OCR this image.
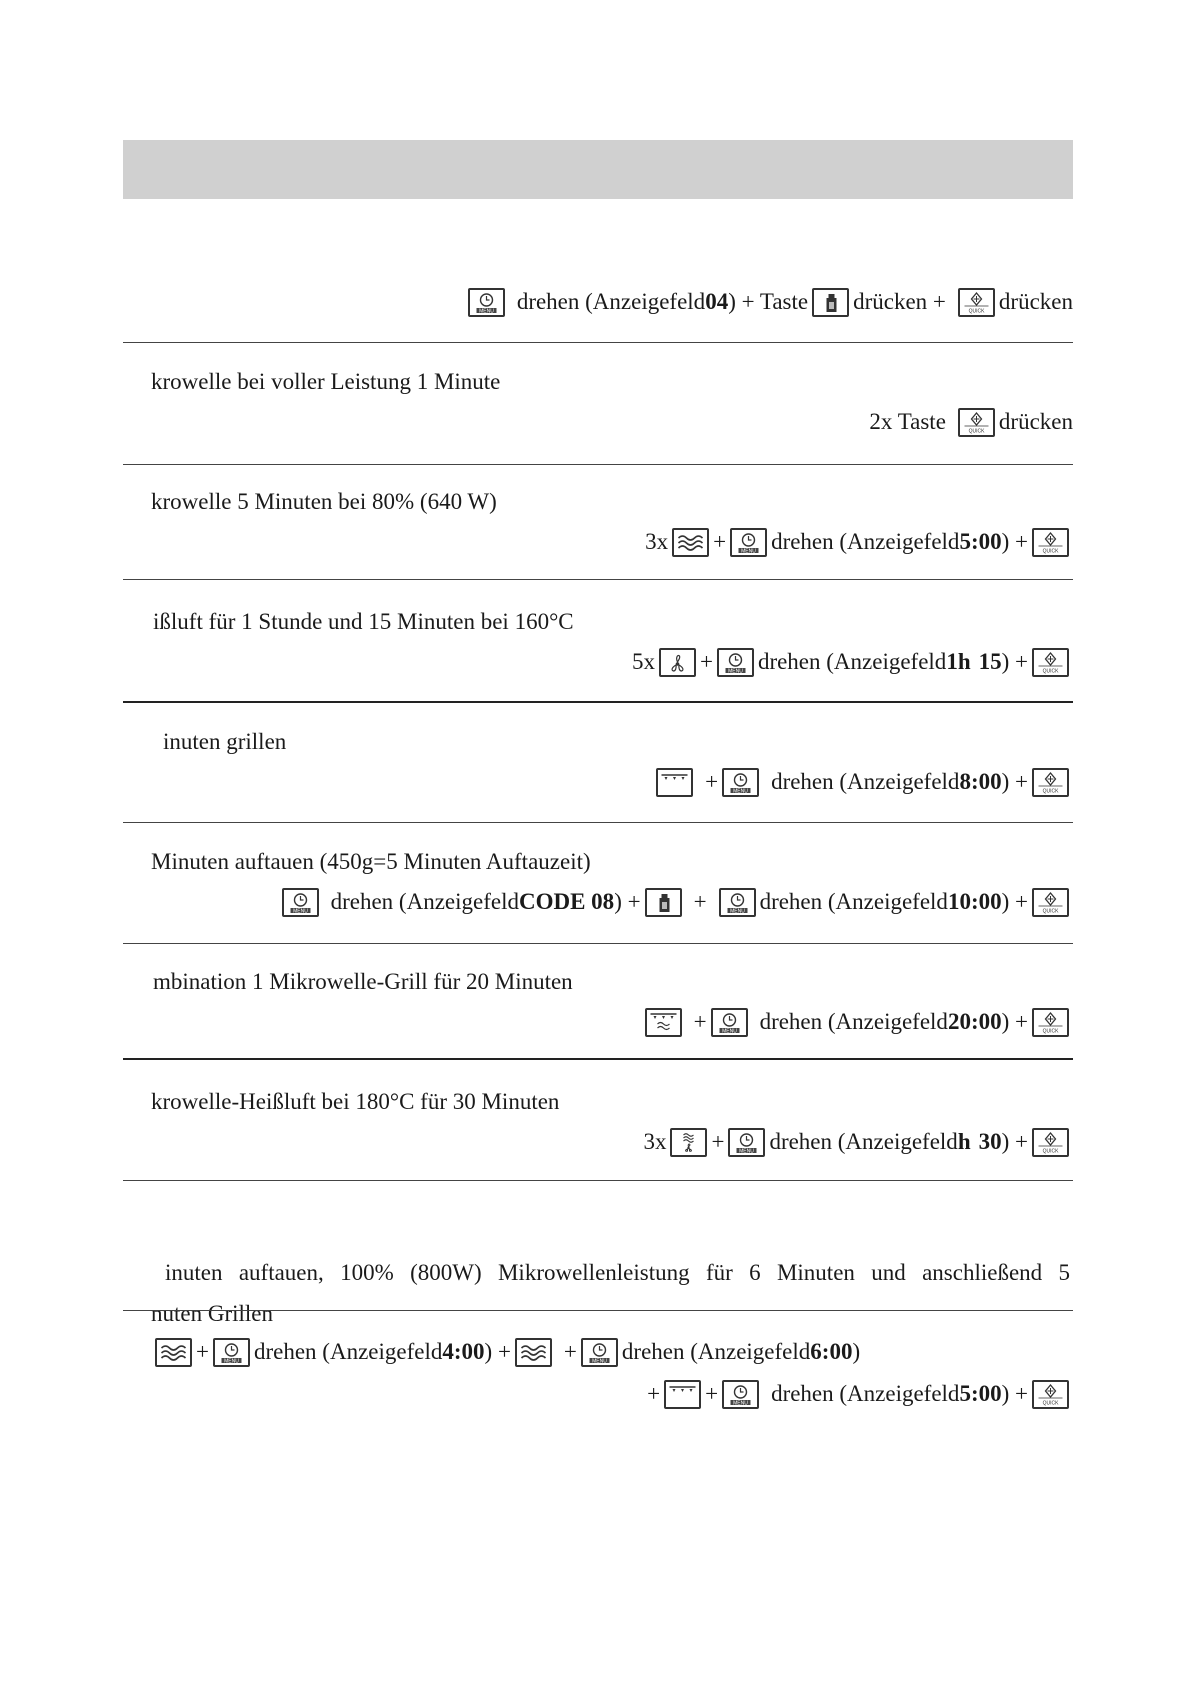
drehen (Anzeigefeld 04 ) + Taste drücken + drücken
krowelle bei voller Leistung 1 Minute
2x Taste drücken
krowelle 5 Minuten bei 80% (640 W)
3x + drehen (Anzeigefeld 5:00 ) +
ißluft für 1 Stunde und 15 Minuten bei 160°C
5x + drehen (Anzeigefeld 1h 15 ) +
inuten grillen
+ drehen (Anzeigefeld 8:00 ) +
Minuten auftauen (450g=5 Minuten Auftauzeit)
drehen (Anzeigefeld CODE 08 ) + + drehen (Anzeigefeld 10:00 ) +
mbination 1 Mikrowelle-Grill für 20 Minuten
+ drehen (Anzeigefeld 20:00 ) +
krowelle-Heißluft bei 180°C für 30 Minuten
3x + drehen (Anzeigefeld h 30 ) +
inuten auftauen, 100% (800W) Mikrowellenleistung für 6 Minuten und anschließend 5
nuten Grillen
+ drehen (Anzeigefeld 4:00 ) + + drehen (Anzeigefeld 6:00 )
+ + drehen (Anzeigefeld 5:00 ) +
